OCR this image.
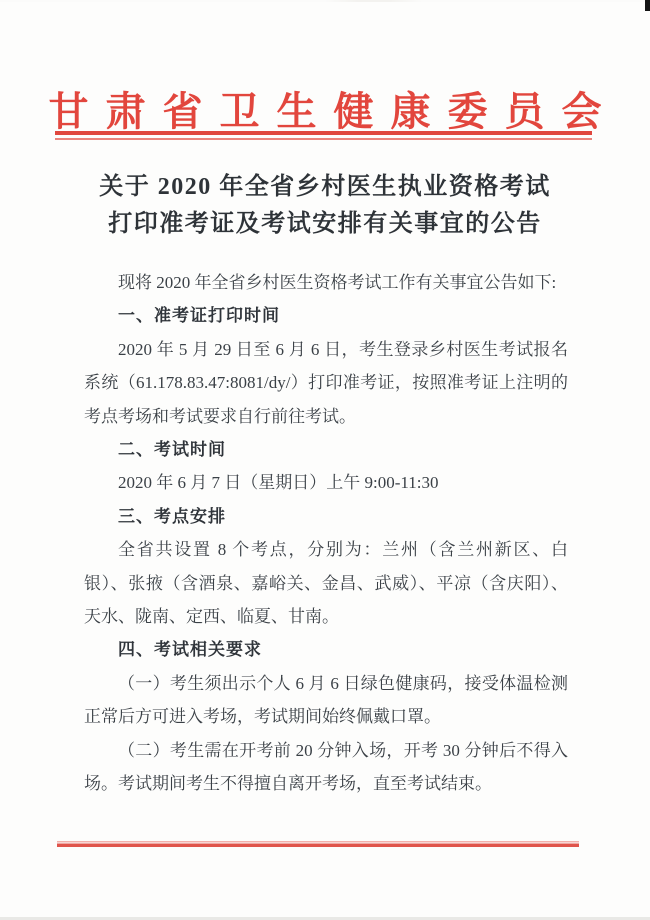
甘肃省卫生健康委员会
关于 2020 年全省乡村医生执业资格考试
打印准考证及考试安排有关事宜的公告

现将 2020 年全省乡村医生资格考试工作有关事宜公告如下:

一、准考证打印时间

2020 年 5 月 29 日至 6 月 6 日，考生登录乡村医生考试报名系统（61.178.83.47:8081/dy/）打印准考证，按照准考证上注明的考点考场和考试要求自行前往考试。

二、考试时间

2020 年 6 月 7 日（星期日）上午 9:00-11:30

三、考点安排

全省共设置 8 个考点，分别为：兰州（含兰州新区、白银）、张掖（含酒泉、嘉峪关、金昌、武威）、平凉（含庆阳）、天水、陇南、定西、临夏、甘南。

四、考试相关要求

（一）考生须出示个人 6 月 6 日绿色健康码，接受体温检测正常后方可进入考场，考试期间始终佩戴口罩。

（二）考生需在开考前 20 分钟入场，开考 30 分钟后不得入场。考试期间考生不得擅自离开考场，直至考试结束。
